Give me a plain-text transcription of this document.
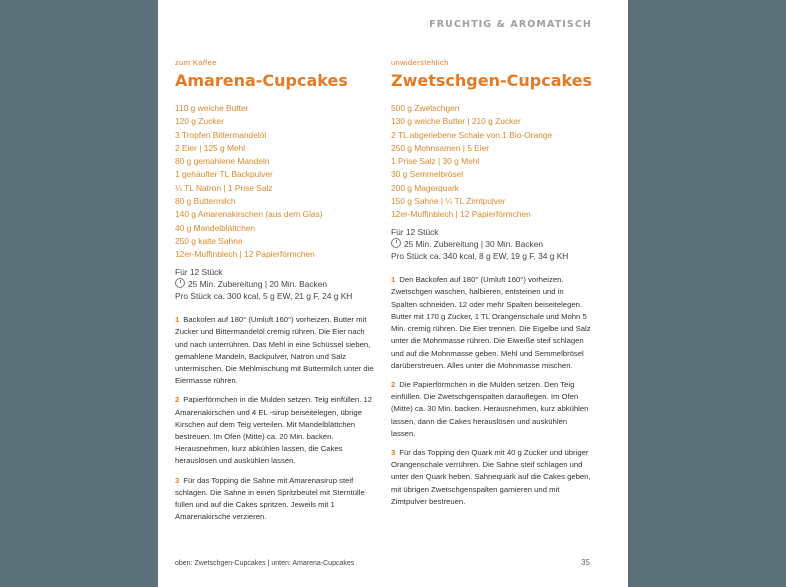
FRUCHTIG & AROMATISCH
zum Kaffee
Amarena-Cupcakes
110 g weiche Butter
120 g Zucker
3 Tropfen Bittermandelöl
2 Eier | 125 g Mehl
80 g gemahlene Mandeln
1 gehäufter TL Backpulver
¼ TL Natron | 1 Prise Salz
80 g Buttermilch
140 g Amarenakirschen (aus dem Glas)
40 g Mandelblättchen
250 g kalte Sahne
12er-Muffinblech | 12 Papierförmchen
Für 12 Stück
25 Min. Zubereitung | 20 Min. Backen
Pro Stück ca. 300 kcal, 5 g EW, 21 g F, 24 g KH

1 Backofen auf 180° (Umluft 160°) vorheizen. Butter mit Zucker und Bittermandelöl cremig rühren. Die Eier nach und nach unterrühren. Das Mehl in eine Schüssel sieben, gemahlene Mandeln, Backpulver, Natron und Salz untermischen. Die Mehlmischung mit Buttermilch unter die Eiermasse rühren.

2 Papierförmchen in die Mulden setzen. Teig einfüllen. 12 Amarenakirschen und 4 EL -sirup beiseitelegen, übrige Kirschen auf dem Teig verteilen. Mit Mandelblättchen bestreuen. Im Ofen (Mitte) ca. 20 Min. backen. Herausnehmen, kurz abkühlen lassen, die Cakes herauslösen und auskühlen lassen.

3 Für das Topping die Sahne mit Amarenasirup steif schlagen. Die Sahne in einen Spritzbeutel mit Sterntülle füllen und auf die Cakes spritzen. Jeweils mit 1 Amarenakirsche verzieren.

unwiderstehlich
Zwetschgen-Cupcakes
500 g Zwetschgen
130 g weiche Butter | 210 g Zucker
2 TL abgeriebene Schale von 1 Bio-Orange
250 g Mohnsamen | 5 Eier
1 Prise Salz | 30 g Mehl
30 g Semmelbrösel
200 g Magerquark
150 g Sahne | ¼ TL Zimtpulver
12er-Muffinblech | 12 Papierförmchen
Für 12 Stück
25 Min. Zubereitung | 30 Min. Backen
Pro Stück ca. 340 kcal, 8 g EW, 19 g F, 34 g KH

1 Den Backofen auf 180° (Umluft 160°) vorheizen. Zwetschgen waschen, halbieren, entsteinen und in Spalten schneiden. 12 oder mehr Spalten beiseitelegen. Butter mit 170 g Zucker, 1 TL Orangenschale und Mohn 5 Min. cremig rühren. Die Eier trennen. Die Eigelbe und Salz unter die Mohnmasse rühren. Die Eiweiße steif schlagen und auf die Mohnmasse geben. Mehl und Semmelbrösel darüberstreuen. Alles unter die Mohnmasse mischen.

2 Die Papierförmchen in die Mulden setzen. Den Teig einfüllen. Die Zwetschgenspalten darauflegen. Im Ofen (Mitte) ca. 30 Min. backen. Herausnehmen, kurz abkühlen lassen, dann die Cakes herauslösen und auskühlen lassen.

3 Für das Topping den Quark mit 40 g Zucker und übriger Orangenschale verrühren. Die Sahne steif schlagen und unter den Quark heben. Sahnequark auf die Cakes geben, mit übrigen Zwetschgenspalten garnieren und mit Zimtpulver bestreuen.

oben: Zwetschgen-Cupcakes | unten: Amarena-Cupcakes	35
